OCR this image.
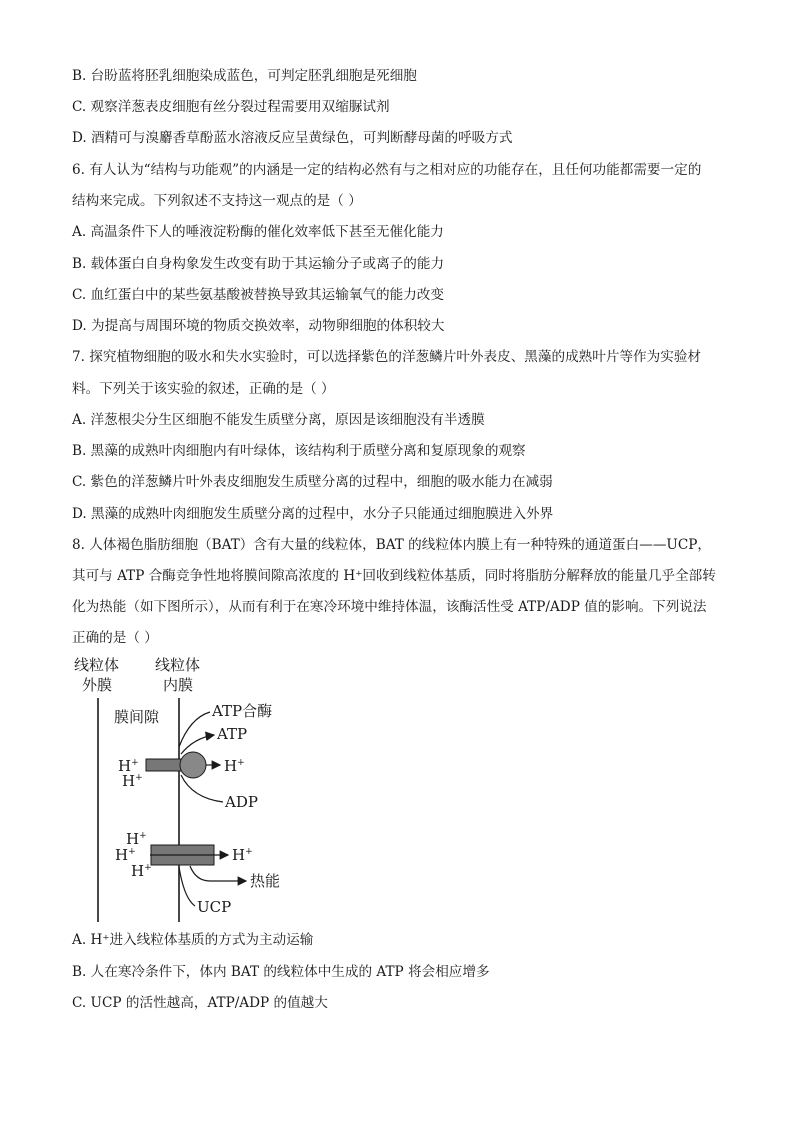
B. 台盼蓝将胚乳细胞染成蓝色，可判定胚乳细胞是死细胞
C. 观察洋葱表皮细胞有丝分裂过程需要用双缩脲试剂
D. 酒精可与溴麝香草酚蓝水溶液反应呈黄绿色，可判断酵母菌的呼吸方式
6. 有人认为“结构与功能观”的内涵是一定的结构必然有与之相对应的功能存在，且任何功能都需要一定的
结构来完成。下列叙述不支持这一观点的是（ ）
A. 高温条件下人的唾液淀粉酶的催化效率低下甚至无催化能力
B. 载体蛋白自身构象发生改变有助于其运输分子或离子的能力
C. 血红蛋白中的某些氨基酸被替换导致其运输氧气的能力改变
D. 为提高与周围环境的物质交换效率，动物卵细胞的体积较大
7. 探究植物细胞的吸水和失水实验时，可以选择紫色的洋葱鳞片叶外表皮、黑藻的成熟叶片等作为实验材
料。下列关于该实验的叙述，正确的是（ ）
A. 洋葱根尖分生区细胞不能发生质壁分离，原因是该细胞没有半透膜
B. 黑藻的成熟叶肉细胞内有叶绿体，该结构利于质壁分离和复原现象的观察
C. 紫色的洋葱鳞片叶外表皮细胞发生质壁分离的过程中，细胞的吸水能力在减弱
D. 黑藻的成熟叶肉细胞发生质壁分离的过程中，水分子只能通过细胞膜进入外界
8. 人体褐色脂肪细胞（BAT）含有大量的线粒体，BAT 的线粒体内膜上有一种特殊的通道蛋白——UCP，
其可与 ATP 合酶竞争性地将膜间隙高浓度的 H⁺回收到线粒体基质，同时将脂肪分解释放的能量几乎全部转
化为热能（如下图所示），从而有利于在寒冷环境中维持体温，该酶活性受 ATP/ADP 值的影响。下列说法
正确的是（ ）
A. H⁺进入线粒体基质的方式为主动运输
B. 人在寒冷条件下，体内 BAT 的线粒体中生成的 ATP 将会相应增多
C. UCP 的活性越高，ATP/ADP 的值越大
线粒体
外膜
线粒体
内膜
膜间隙	ATP合酶
ATP
ADP
H+
H+
H+
H+
H+
H+
H+
热能
UCP
